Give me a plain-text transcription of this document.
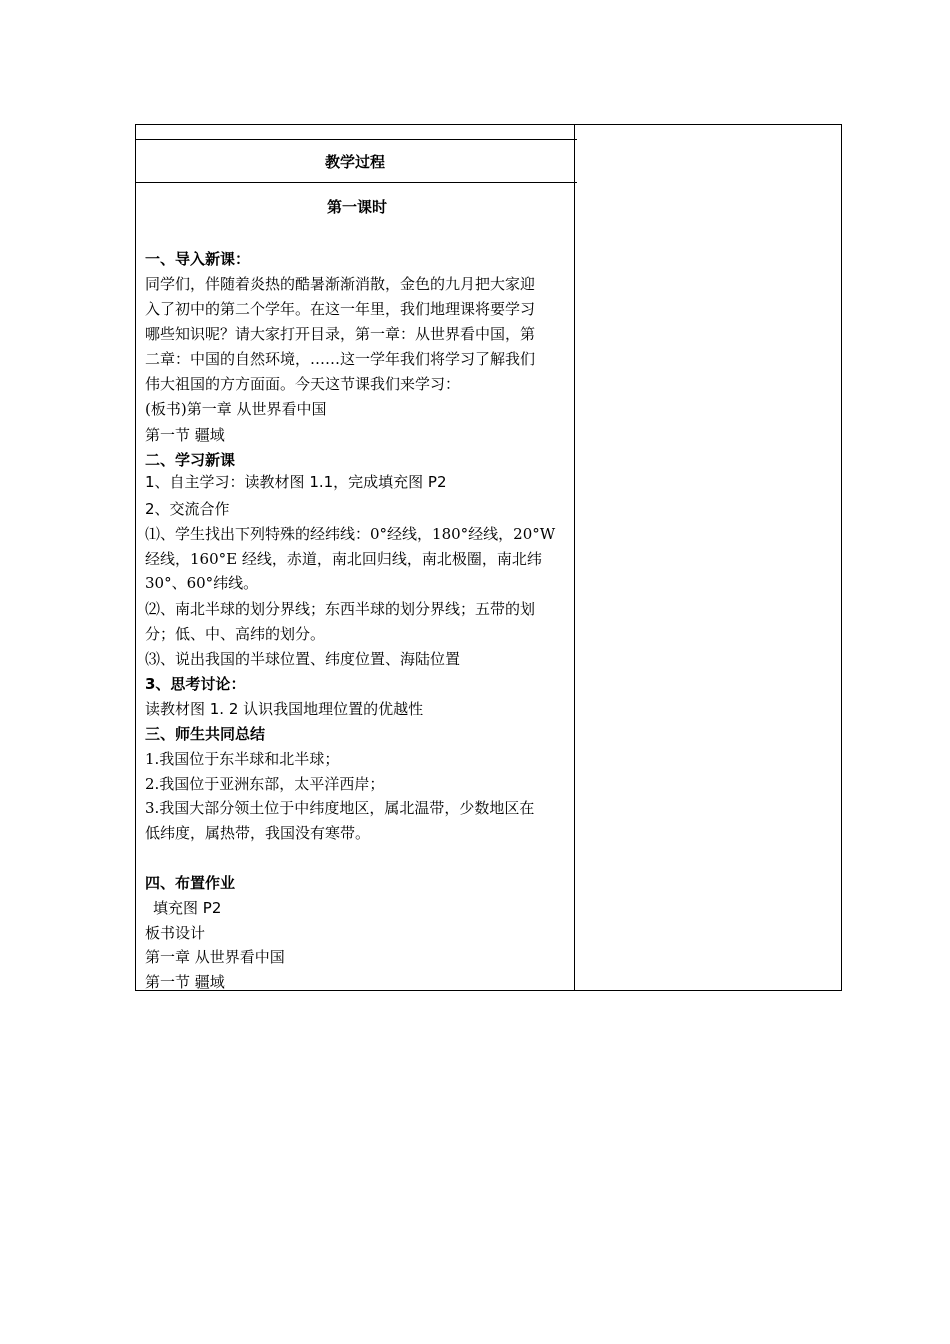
教学过程
第一课时
一、导入新课：
同学们，伴随着炎热的酷暑渐渐消散，金色的九月把大家迎
入了初中的第二个学年。在这一年里，我们地理课将要学习
哪些知识呢？请大家打开目录，第一章：从世界看中国，第
二章：中国的自然环境，……这一学年我们将学习了解我们
伟大祖国的方方面面。今天这节课我们来学习：
(板书)第一章 从世界看中国
第一节 疆域
二、学习新课
1、自主学习：读教材图 1.1，完成填充图 P2
2、交流合作
⑴、学生找出下列特殊的经纬线：0°经线，180°经线，20°W
经线，160°E 经线，赤道，南北回归线，南北极圈，南北纬
30°、60°纬线。
⑵、南北半球的划分界线；东西半球的划分界线；五带的划
分；低、中、高纬的划分。
⑶、说出我国的半球位置、纬度位置、海陆位置
3、思考讨论：
读教材图 1. 2 认识我国地理位置的优越性
三、师生共同总结
1.我国位于东半球和北半球；
2.我国位于亚洲东部，太平洋西岸；
3.我国大部分领土位于中纬度地区，属北温带，少数地区在
低纬度，属热带，我国没有寒带。
四、布置作业
填充图 P2
板书设计
第一章 从世界看中国
第一节 疆域
